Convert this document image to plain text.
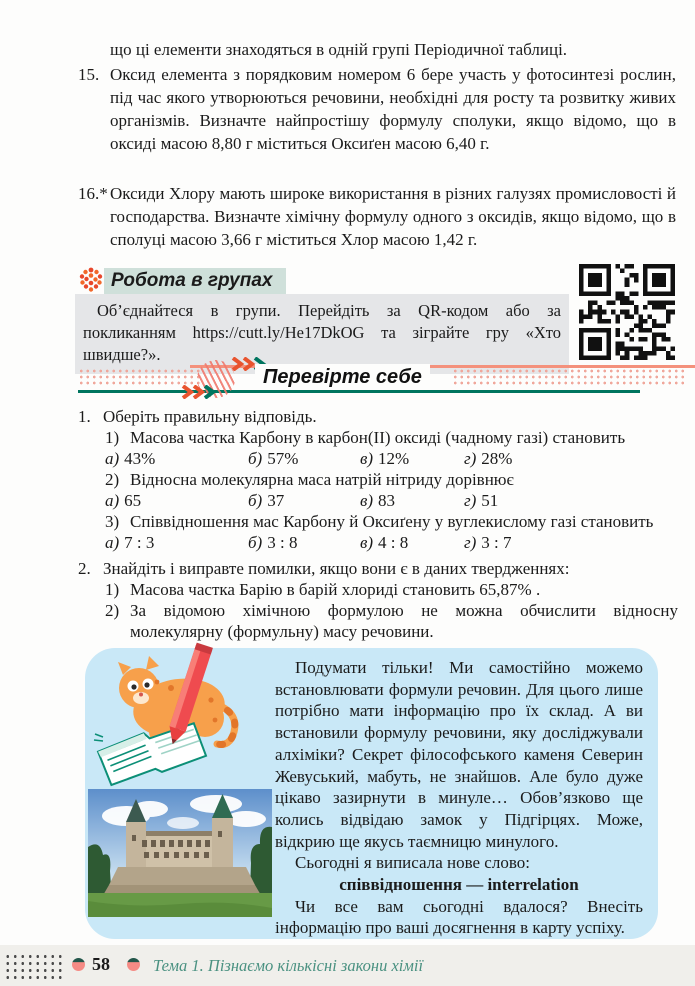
що ці елементи знаходяться в одній групі Періодичної таблиці.

15. Оксид елемента з порядковим номером 6 бере участь у фотосинтезі рослин, під час якого утворюються речовини, необхідні для росту та розвитку живих організмів. Визначте найпростішу формулу сполуки, якщо відомо, що в оксиді масою 8,80 г міститься Оксиґен масою 6,40 г.

16.* Оксиди Хлору мають широке використання в різних галузях промисловості й господарства. Визначте хімічну формулу одного з оксидів, якщо відомо, що в сполуці масою 3,66 г міститься Хлор масою 1,42 г.

Робота в групах

Об’єднайтеся в групи. Перейдіть за QR-кодом або за покликанням https://cutt.ly/He17DkOG та зіграйте гру «Хто швидше?».

Перевірте себе
1. Оберіть правильну відповідь.

1) Масова частка Карбону в карбон(ІІ) оксиді (чадному газі) становить

а) 43%	б) 57%	в) 12%	г) 28%
2) Відносна молекулярна маса натрій нітриду дорівнює

а) 65	б) 37	в) 83	г) 51
3) Співвідношення мас Карбону й Оксиґену у вуглекислому газі становить

а) 7 : 3	б) 3 : 8	в) 4 : 8	г) 3 : 7
2. Знайдіть і виправте помилки, якщо вони є в даних твердженнях:

1) Масова частка Барію в барій хлориді становить 65,87% .

2) За відомою хімічною формулою не можна обчислити відносну молекулярну (формульну) масу речовини.

Подумати тільки! Ми самостійно можемо встановлювати формули речовин. Для цього лише потрібно мати інформацію про їх склад. А ви встановили формулу речовини, яку досліджували алхіміки? Секрет філософського каменя Северин Жевуський, мабуть, не знайшов. Але було дуже цікаво зазирнути в минуле… Обов’язково ще колись відвідаю замок у Підгірцях. Може, відкрию ще якусь таємницю минулого.

Сьогодні я виписала нове слово:

співвідношення — interrelation

Чи все вам сьогодні вдалося? Внесіть інформацію про ваші досягнення в карту успіху.

58	Тема 1. Пізнаємо кількісні закони хімії
